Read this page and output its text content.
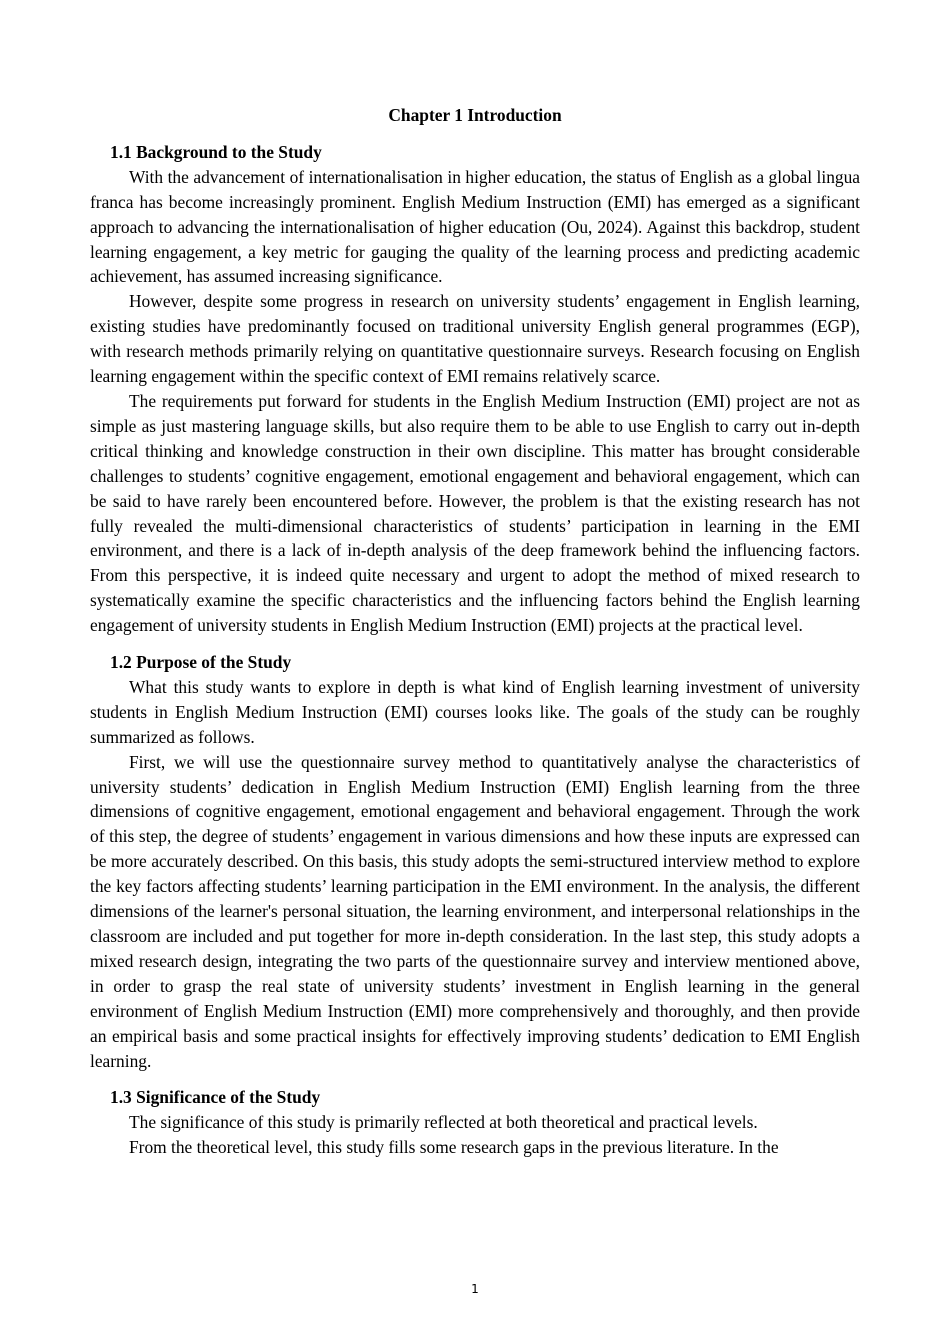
Chapter 1 Introduction

1.1 Background to the Study

With the advancement of internationalisation in higher education, the status of English as a global lingua franca has become increasingly prominent. English Medium Instruction (EMI) has emerged as a significant approach to advancing the internationalisation of higher education (Ou, 2024). Against this backdrop, student learning engagement, a key metric for gauging the quality of the learning process and predicting academic achievement, has assumed increasing significance.

However, despite some progress in research on university students’ engagement in English learning, existing studies have predominantly focused on traditional university English general programmes (EGP), with research methods primarily relying on quantitative questionnaire surveys. Research focusing on English learning engagement within the specific context of EMI remains relatively scarce.

The requirements put forward for students in the English Medium Instruction (EMI) project are not as simple as just mastering language skills, but also require them to be able to use English to carry out in-depth critical thinking and knowledge construction in their own discipline. This matter has brought considerable challenges to students’ cognitive engagement, emotional engagement and behavioral engagement, which can be said to have rarely been encountered before. However, the problem is that the existing research has not fully revealed the multi-dimensional characteristics of students’ participation in learning in the EMI environment, and there is a lack of in-depth analysis of the deep framework behind the influencing factors. From this perspective, it is indeed quite necessary and urgent to adopt the method of mixed research to systematically examine the specific characteristics and the influencing factors behind the English learning engagement of university students in English Medium Instruction (EMI) projects at the practical level.

1.2 Purpose of the Study

What this study wants to explore in depth is what kind of English learning investment of university students in English Medium Instruction (EMI) courses looks like. The goals of the study can be roughly summarized as follows.

First, we will use the questionnaire survey method to quantitatively analyse the characteristics of university students’ dedication in English Medium Instruction (EMI) English learning from the three dimensions of cognitive engagement, emotional engagement and behavioral engagement. Through the work of this step, the degree of students’ engagement in various dimensions and how these inputs are expressed can be more accurately described. On this basis, this study adopts the semi-structured interview method to explore the key factors affecting students’ learning participation in the EMI environment. In the analysis, the different dimensions of the learner's personal situation, the learning environment, and interpersonal relationships in the classroom are included and put together for more in-depth consideration. In the last step, this study adopts a mixed research design, integrating the two parts of the questionnaire survey and interview mentioned above, in order to grasp the real state of university students’ investment in English learning in the general environment of English Medium Instruction (EMI) more comprehensively and thoroughly, and then provide an empirical basis and some practical insights for effectively improving students’ dedication to EMI English learning.

1.3 Significance of the Study

The significance of this study is primarily reflected at both theoretical and practical levels.

From the theoretical level, this study fills some research gaps in the previous literature. In the

1
